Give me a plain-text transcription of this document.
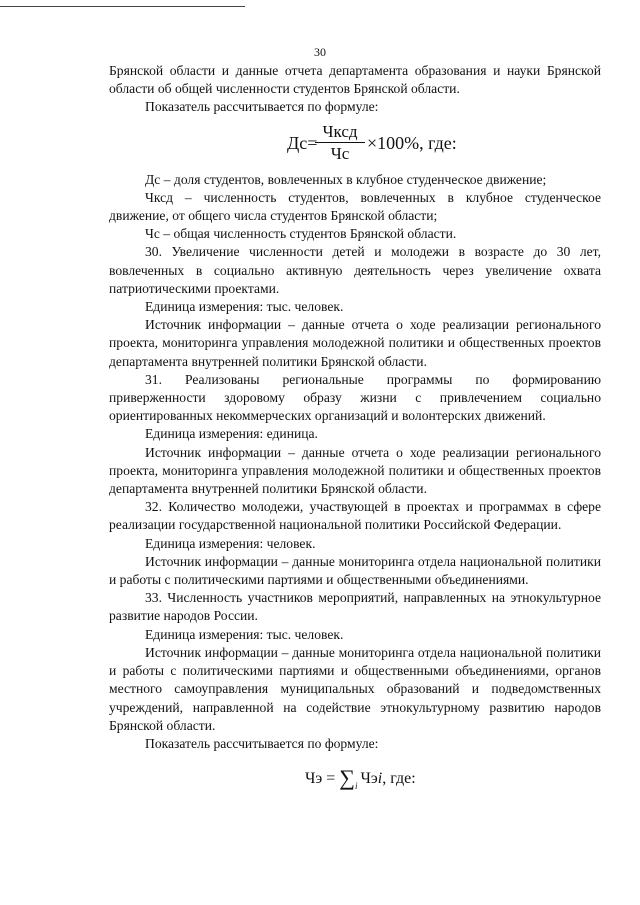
30

Брянской области и данные отчета департамента образования и науки Брянской области об общей численности студентов Брянской области.

Показатель рассчитывается по формуле:

Дс=
Чксд
Чс
×100%, где:

Дс – доля студентов, вовлеченных в клубное студенческое движение;

Чксд – численность студентов, вовлеченных в клубное студенческое движение, от общего числа студентов Брянской области;

Чс – общая численность студентов Брянской области.

30. Увеличение численности детей и молодежи в возрасте до 30 лет, вовлеченных в социально активную деятельность через увеличение охвата патриотическими проектами.

Единица измерения: тыс. человек.

Источник информации – данные отчета о ходе реализации регионального проекта, мониторинга управления молодежной политики и общественных проектов департамента внутренней политики Брянской области.

31. Реализованы региональные программы по формированию приверженности здоровому образу жизни с привлечением социально ориентированных некоммерческих организаций и волонтерских движений.

Единица измерения: единица.

Источник информации – данные отчета о ходе реализации регионального проекта, мониторинга управления молодежной политики и общественных проектов департамента внутренней политики Брянской области.

32. Количество молодежи, участвующей в проектах и программах в сфере реализации государственной национальной политики Российской Федерации.

Единица измерения: человек.

Источник информации – данные мониторинга отдела национальной политики и работы с политическими партиями и общественными объединениями.

33. Численность участников мероприятий, направленных на этнокультурное развитие народов России.

Единица измерения: тыс. человек.

Источник информации – данные мониторинга отдела национальной политики и работы с политическими партиями и общественными объединениями, органов местного самоуправления муниципальных образований и подведомственных учреждений, направленной на содействие этнокультурному развитию народов Брянской области.

Показатель рассчитывается по формуле:

Чэ = $\sum_i$ Чэi, где:
